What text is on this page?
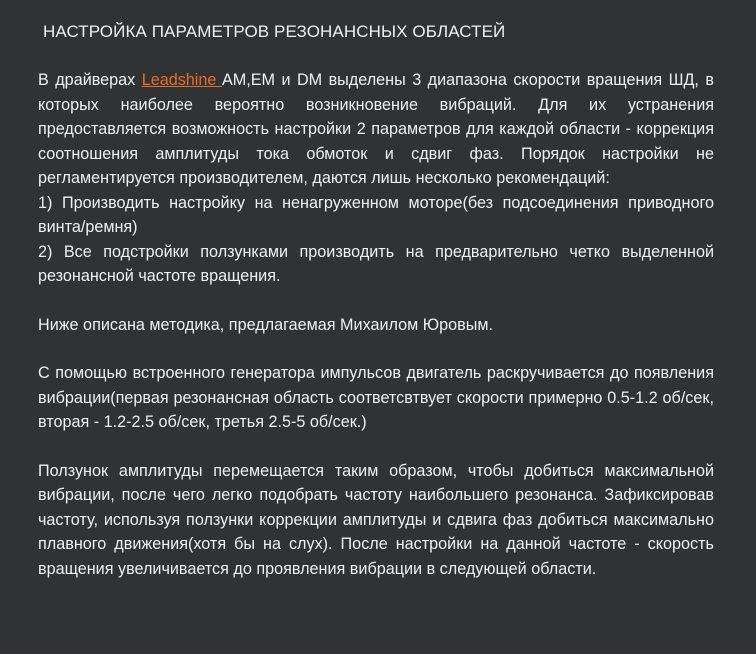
НАСТРОЙКА ПАРАМЕТРОВ РЕЗОНАНСНЫХ ОБЛАСТЕЙ

В драйверах Leadshine AM,EM и DM выделены 3 диапазона скорости вращения ШД, в которых наиболее вероятно возникновение вибраций. Для их устранения предоставляется возможность настройки 2 параметров для каждой области - коррекция соотношения амплитуды тока обмоток и сдвиг фаз. Порядок настройки не регламентируется производителем, даются лишь несколько рекомендаций:
1) Производить настройку на ненагруженном моторе(без подсоединения приводного винта/ремня)
2) Все подстройки ползунками производить на предварительно четко выделенной резонансной частоте вращения.

Ниже описана методика, предлагаемая Михаилом Юровым.

С помощью встроенного генератора импульсов двигатель раскручивается до появления вибрации(первая резонансная область соответсвтвует скорости примерно 0.5-1.2 об/сек, вторая - 1.2-2.5 об/сек, третья 2.5-5 об/сек.)

Ползунок амплитуды перемещается таким образом, чтобы добиться максимальной вибрации, после чего легко подобрать частоту наибольшего резонанса. Зафиксировав частоту, используя ползунки коррекции амплитуды и сдвига фаз добиться максимально плавного движения(хотя бы на слух). После настройки на данной частоте - скорость вращения увеличивается до проявления вибрации в следующей области.
